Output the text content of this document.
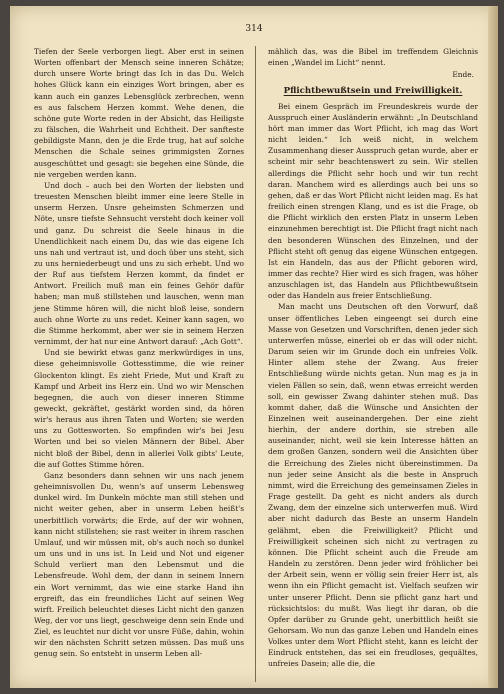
314

Tiefen der Seele verborgen liegt. Aber erst in seinen Worten offenbart der Mensch seine inneren Schätze; durch unsere Worte bringt das Ich in das Du. Welch hohes Glück kann ein einziges Wort bringen, aber es kann auch ein ganzes Lebensglück zerbrechen, wenn es aus falschem Herzen kommt. Wehe denen, die schöne gute Worte reden in der Absicht, das Heiligste zu fälschen, die Wahrheit und Echtheit. Der sanfteste gebildigste Mann, den je die Erde trug, hat auf solche Menschen die Schale seines grimmigsten Zornes ausgeschüttet und gesagt: sie begehen eine Sünde, die nie vergeben werden kann.

Und doch – auch bei den Worten der liebsten und treuesten Menschen bleibt immer eine leere Stelle in unserm Herzen. Unsre geheimsten Schmerzen und Nöte, unsre tiefste Sehnsucht versteht doch keiner voll und ganz. Du schreist die Seele hinaus in die Unendlichkeit nach einem Du, das wie das eigene Ich uns nah und vertraut ist, und doch über uns steht, sich zu uns herniederbeugt und uns zu sich erhebt. Und wo der Ruf aus tiefstem Herzen kommt, da findet er Antwort. Freilich muß man ein feines Gehör dafür haben; man muß stillstehen und lauschen, wenn man jene Stimme hören will, die nicht bloß leise, sondern auch ohne Worte zu uns redet. Keiner kann sagen, wo die Stimme herkommt, aber wer sie in seinem Herzen vernimmt, der hat nur eine Antwort darauf: „Ach Gott“.

Und sie bewirkt etwas ganz merkwürdiges in uns, diese geheimnisvolle Gottesstimme, die wie reiner Glockenton klingt. Es zieht Friede, Mut und Kraft zu Kampf und Arbeit ins Herz ein. Und wo wir Menschen begegnen, die auch von dieser inneren Stimme geweckt, gekräftet, gestärkt worden sind, da hören wir's heraus aus ihren Taten und Worten; sie werden uns zu Gottesworten. So empfinden wir's bei Jesu Worten und bei so vielen Männern der Bibel. Aber nicht bloß der Bibel, denn in allerlei Volk gibts' Leute, die auf Gottes Stimme hören.

Ganz besonders dann sehnen wir uns nach jenem geheimnisvollen Du, wenn's auf unserm Lebensweg dunkel wird. Im Dunkeln möchte man still stehen und nicht weiter gehen, aber in unserm Leben heißt's unerbittlich vorwärts; die Erde, auf der wir wohnen, kann nicht stillstehen; sie rast weiter in ihrem raschen Umlauf, und wir müssen mit, ob's auch noch so dunkel um uns und in uns ist. In Leid und Not und eigener Schuld verliert man den Lebensmut und die Lebensfreude. Wohl dem, der dann in seinem Innern ein Wort vernimmt, das wie eine starke Hand ihn ergreift, das ein freundliches Licht auf seinen Weg wirft. Freilich beleuchtet dieses Licht nicht den ganzen Weg, der vor uns liegt, geschweige denn sein Ende und Ziel, es leuchtet nur dicht vor unsre Füße, dahin, wohin wir den nächsten Schritt setzen müssen. Das muß uns genug sein. So entsteht in unserm Leben all-

mählich das, was die Bibel im treffendem Gleichnis einen „Wandel im Licht“ nennt.

Ende.
Pflichtbewußtsein und Freiwilligkeit.

Bei einem Gespräch im Freundeskreis wurde der Ausspruch einer Ausländerin erwähnt: „In Deutschland hört man immer das Wort Pflicht, ich mag das Wort nicht leiden.“ Ich weiß nicht, in welchem Zusammenhang dieser Ausspruch getan wurde, aber er scheint mir sehr beachtenswert zu sein. Wir stellen allerdings die Pflicht sehr hoch und wir tun recht daran. Manchem wird es allerdings auch bei uns so gehen, daß er das Wort Pflicht nicht leiden mag. Es hat freilich einen strengen Klang, und es ist die Frage, ob die Pflicht wirklich den ersten Platz in unserm Leben einzunehmen berechtigt ist. Die Pflicht fragt nicht nach den besonderen Wünschen des Einzelnen, und der Pflicht steht oft genug das eigene Wünschen entgegen. Ist ein Handeln, das aus der Pflicht geboren wird, immer das rechte? Hier wird es sich fragen, was höher anzuschlagen ist, das Handeln aus Pflichtbewußtsein oder das Handeln aus freier Entschließung.

Man macht uns Deutschen oft den Vorwurf, daß unser öffentliches Leben eingeengt sei durch eine Masse von Gesetzen und Vorschriften, denen jeder sich unterwerfen müsse, einerlei ob er das will oder nicht. Darum seien wir im Grunde doch ein unfreies Volk. Hinter allem stehe der Zwang. Aus freier Entschließung würde nichts getan. Nun mag es ja in vielen Fällen so sein, daß, wenn etwas erreicht werden soll, ein gewisser Zwang dahinter stehen muß. Das kommt daher, daß die Wünsche und Ansichten der Einzelnen weit auseinandergehen. Der eine zieht hierhin, der andere dorthin, sie streben alle auseinander, nicht, weil sie kein Interesse hätten an dem großen Ganzen, sondern weil die Ansichten über die Erreichung des Zieles nicht übereinstimmen. Da nun jeder seine Ansicht als die beste in Anspruch nimmt, wird die Erreichung des gemeinsamen Zieles in Frage gestellt. Da geht es nicht anders als durch Zwang, dem der einzelne sich unterwerfen muß. Wird aber nicht dadurch das Beste an unserm Handeln gelähmt, eben die Freiwilligkeit? Pflicht und Freiwilligkeit scheinen sich nicht zu vertragen zu können. Die Pflicht scheint auch die Freude am Handeln zu zerstören. Denn jeder wird fröhlicher bei der Arbeit sein, wenn er völlig sein freier Herr ist, als wenn ihn ein Pflicht gemacht ist. Vielfach seufzen wir unter unserer Pflicht. Denn sie pflicht ganz hart und rücksichtslos: du mußt. Was liegt ihr daran, ob die Opfer darüber zu Grunde geht, unerbittlich heißt sie Gehorsam. Wo nun das ganze Leben und Handeln eines Volkes unter dem Wort Pflicht steht, kann es leicht der Eindruck entstehen, das sei ein freudloses, gequältes, unfreies Dasein; alle die, die
